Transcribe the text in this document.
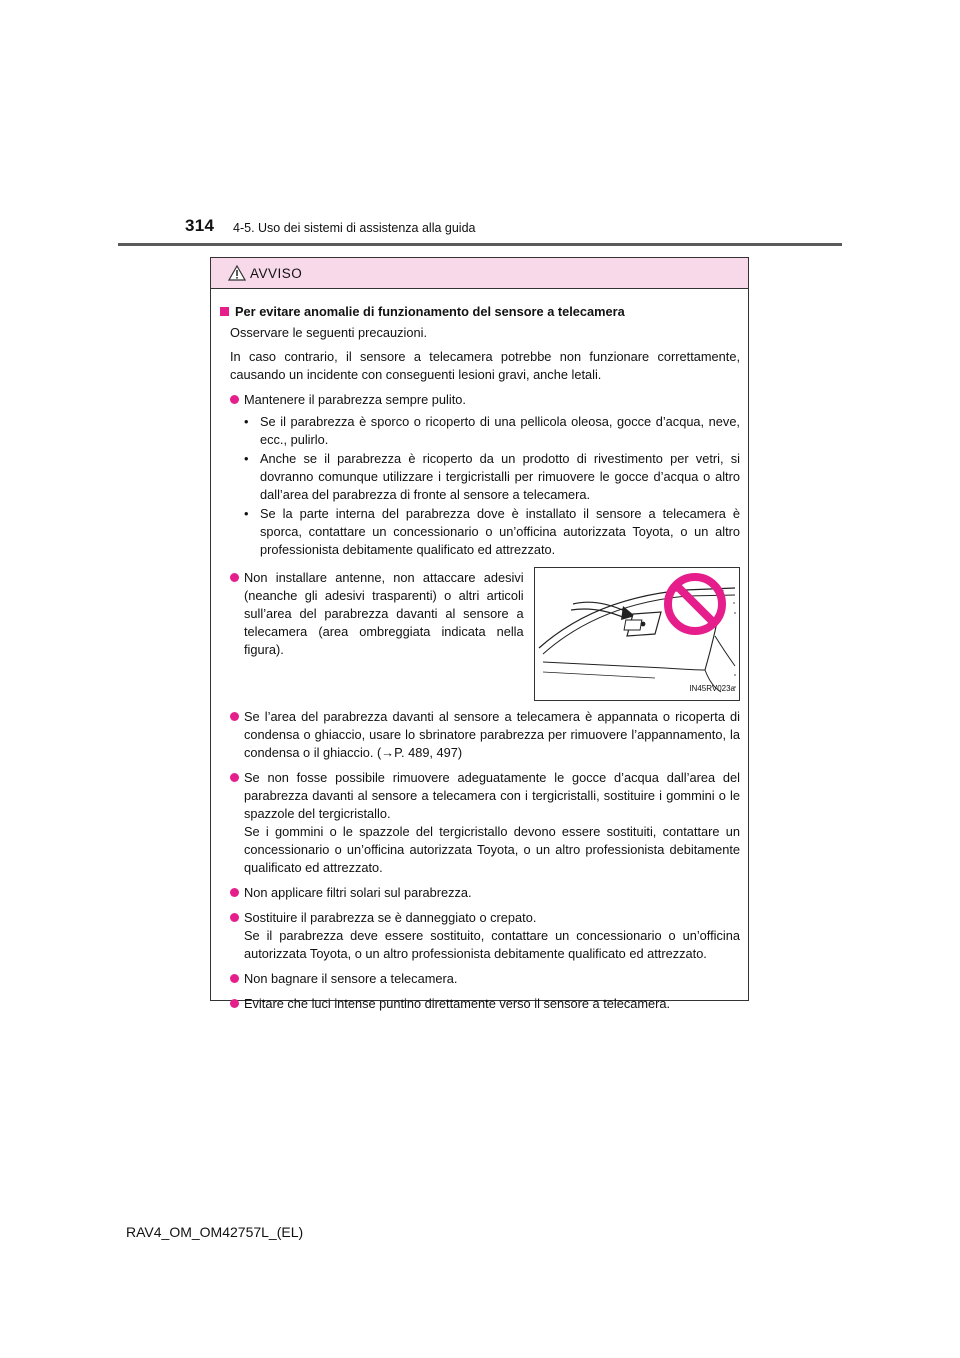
314 4-5. Uso dei sistemi di assistenza alla guida
AVVISO
Per evitare anomalie di funzionamento del sensore a telecamera
Osservare le seguenti precauzioni.
In caso contrario, il sensore a telecamera potrebbe non funzionare correttamente, causando un incidente con conseguenti lesioni gravi, anche letali.
Mantenere il parabrezza sempre pulito.
• Se il parabrezza è sporco o ricoperto di una pellicola oleosa, gocce d’acqua, neve, ecc., pulirlo.
• Anche se il parabrezza è ricoperto da un prodotto di rivestimento per vetri, si dovranno comunque utilizzare i tergicristalli per rimuovere le gocce d’acqua o altro dall’area del parabrezza di fronte al sensore a telecamera.
• Se la parte interna del parabrezza dove è installato il sensore a telecamera è sporca, contattare un concessionario o un’officina autorizzata Toyota, o un altro professionista debitamente qualificato ed attrezzato.
Non installare antenne, non attaccare adesivi (neanche gli adesivi trasparenti) o altri articoli sull’area del parabrezza davanti al sensore a telecamera (area ombreggiata indicata nella figura).
IN45RV023a
Se l’area del parabrezza davanti al sensore a telecamera è appannata o ricoperta di condensa o ghiaccio, usare lo sbrinatore parabrezza per rimuovere l’appannamento, la condensa o il ghiaccio. (→P. 489, 497)
Se non fosse possibile rimuovere adeguatamente le gocce d’acqua dall’area del parabrezza davanti al sensore a telecamera con i tergicristalli, sostituire i gommini o le spazzole del tergicristallo.
Se i gommini o le spazzole del tergicristallo devono essere sostituiti, contattare un concessionario o un’officina autorizzata Toyota, o un altro professionista debitamente qualificato ed attrezzato.
Non applicare filtri solari sul parabrezza.
Sostituire il parabrezza se è danneggiato o crepato.
Se il parabrezza deve essere sostituito, contattare un concessionario o un’officina autorizzata Toyota, o un altro professionista debitamente qualificato ed attrezzato.
Non bagnare il sensore a telecamera.
Evitare che luci intense puntino direttamente verso il sensore a telecamera.
RAV4_OM_OM42757L_(EL)
